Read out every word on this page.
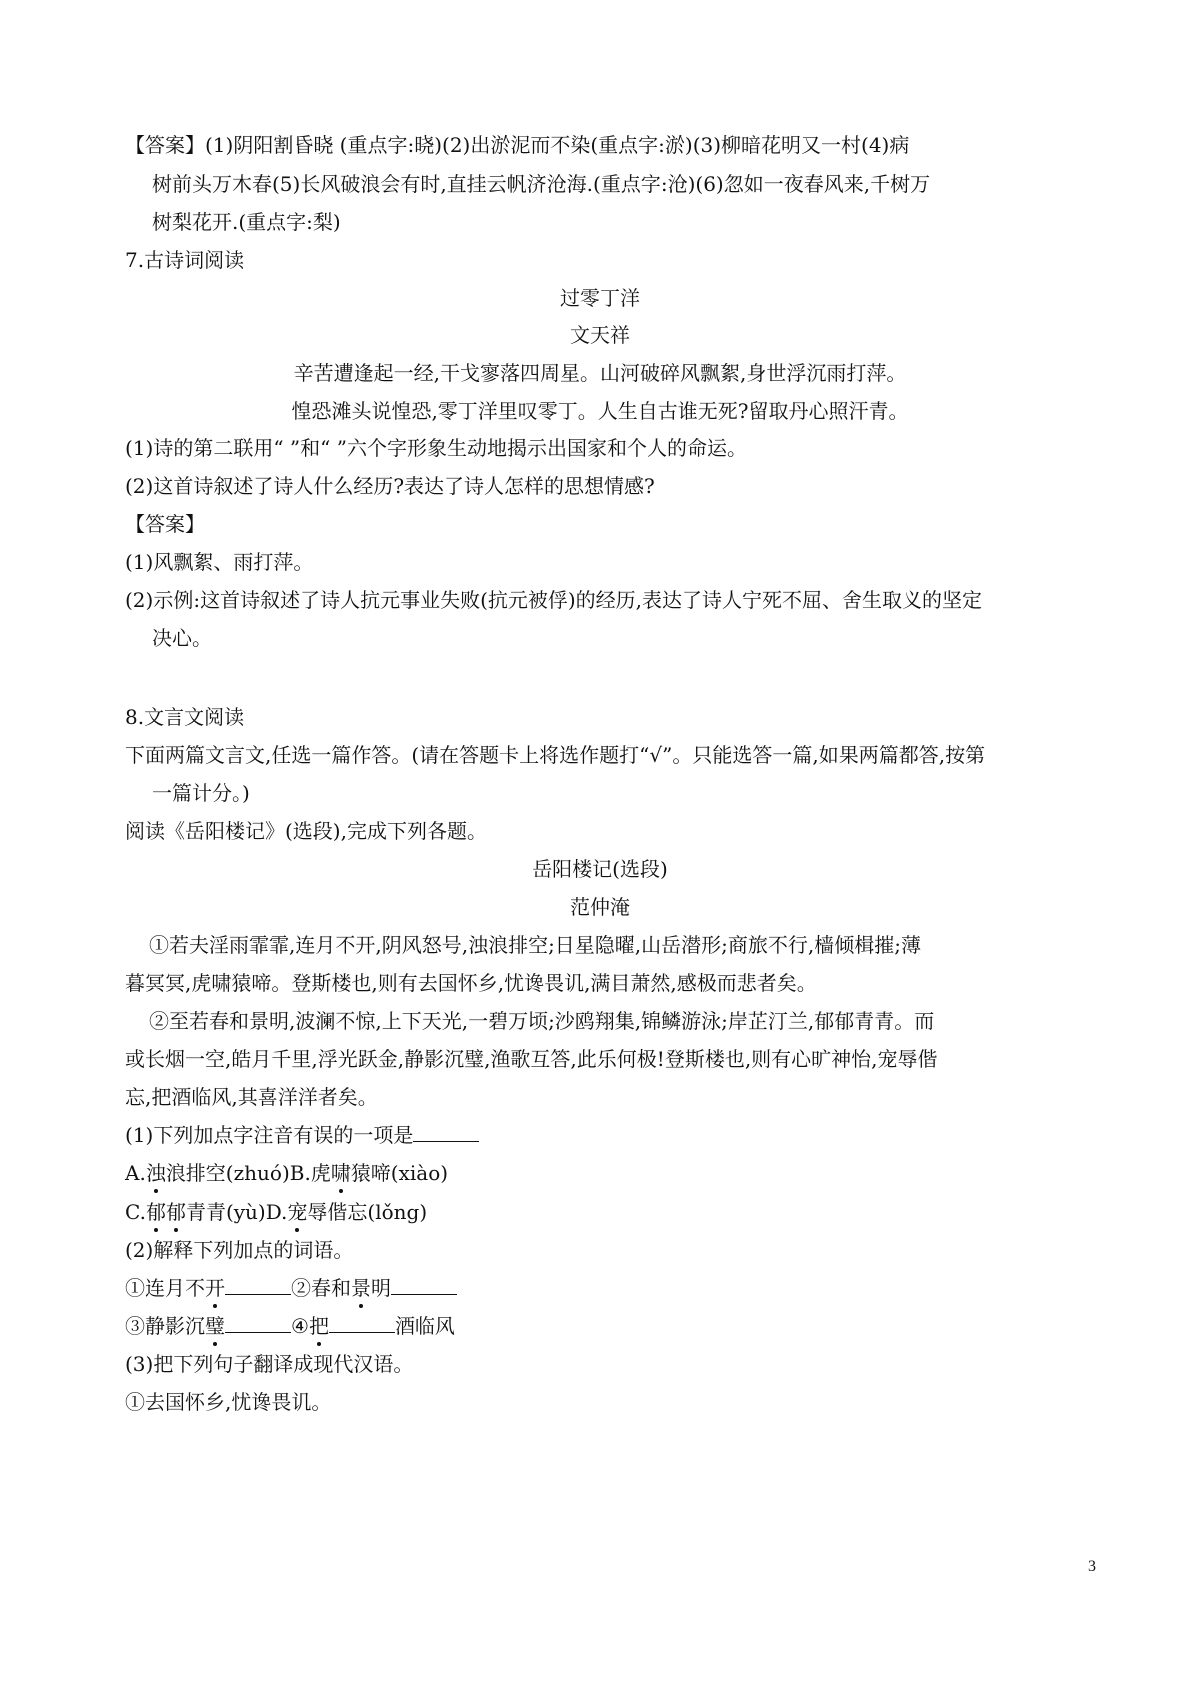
【答案】(1)阴阳割昏晓 (重点字:晓)(2)出淤泥而不染(重点字:淤)(3)柳暗花明又一村(4)病
树前头万木春(5)长风破浪会有时,直挂云帆济沧海.(重点字:沧)(6)忽如一夜春风来,千树万
树梨花开.(重点字:梨)
7.古诗词阅读
过零丁洋
文天祥
辛苦遭逢起一经,干戈寥落四周星。山河破碎风飘絮,身世浮沉雨打萍。
惶恐滩头说惶恐,零丁洋里叹零丁。人生自古谁无死?留取丹心照汗青。
(1)诗的第二联用“ ”和“ ”六个字形象生动地揭示出国家和个人的命运。
(2)这首诗叙述了诗人什么经历?表达了诗人怎样的思想情感?
【答案】
(1)风飘絮、雨打萍。
(2)示例:这首诗叙述了诗人抗元事业失败(抗元被俘)的经历,表达了诗人宁死不屈、舍生取义的坚定
决心。
8.文言文阅读
下面两篇文言文,任选一篇作答。(请在答题卡上将选作题打“√”。只能选答一篇,如果两篇都答,按第
一篇计分。)
阅读《岳阳楼记》(选段),完成下列各题。
岳阳楼记(选段)
范仲淹
①若夫淫雨霏霏,连月不开,阴风怒号,浊浪排空;日星隐曜,山岳潜形;商旅不行,樯倾楫摧;薄
暮冥冥,虎啸猿啼。登斯楼也,则有去国怀乡,忧谗畏讥,满目萧然,感极而悲者矣。
②至若春和景明,波澜不惊,上下天光,一碧万顷;沙鸥翔集,锦鳞游泳;岸芷汀兰,郁郁青青。而
或长烟一空,皓月千里,浮光跃金,静影沉璧,渔歌互答,此乐何极!登斯楼也,则有心旷神怡,宠辱偕
忘,把酒临风,其喜洋洋者矣。
(1)下列加点字注音有误的一项是
A.浊浪排空(zhuó)B.虎啸猿啼(xiào)
C.郁郁青青(yù)D.宠辱偕忘(lǒng)
(2)解释下列加点的词语。
①连月不开	②春和景明
③静影沉璧	④把	酒临风
(3)把下列句子翻译成现代汉语。
①去国怀乡,忧谗畏讥。
3
